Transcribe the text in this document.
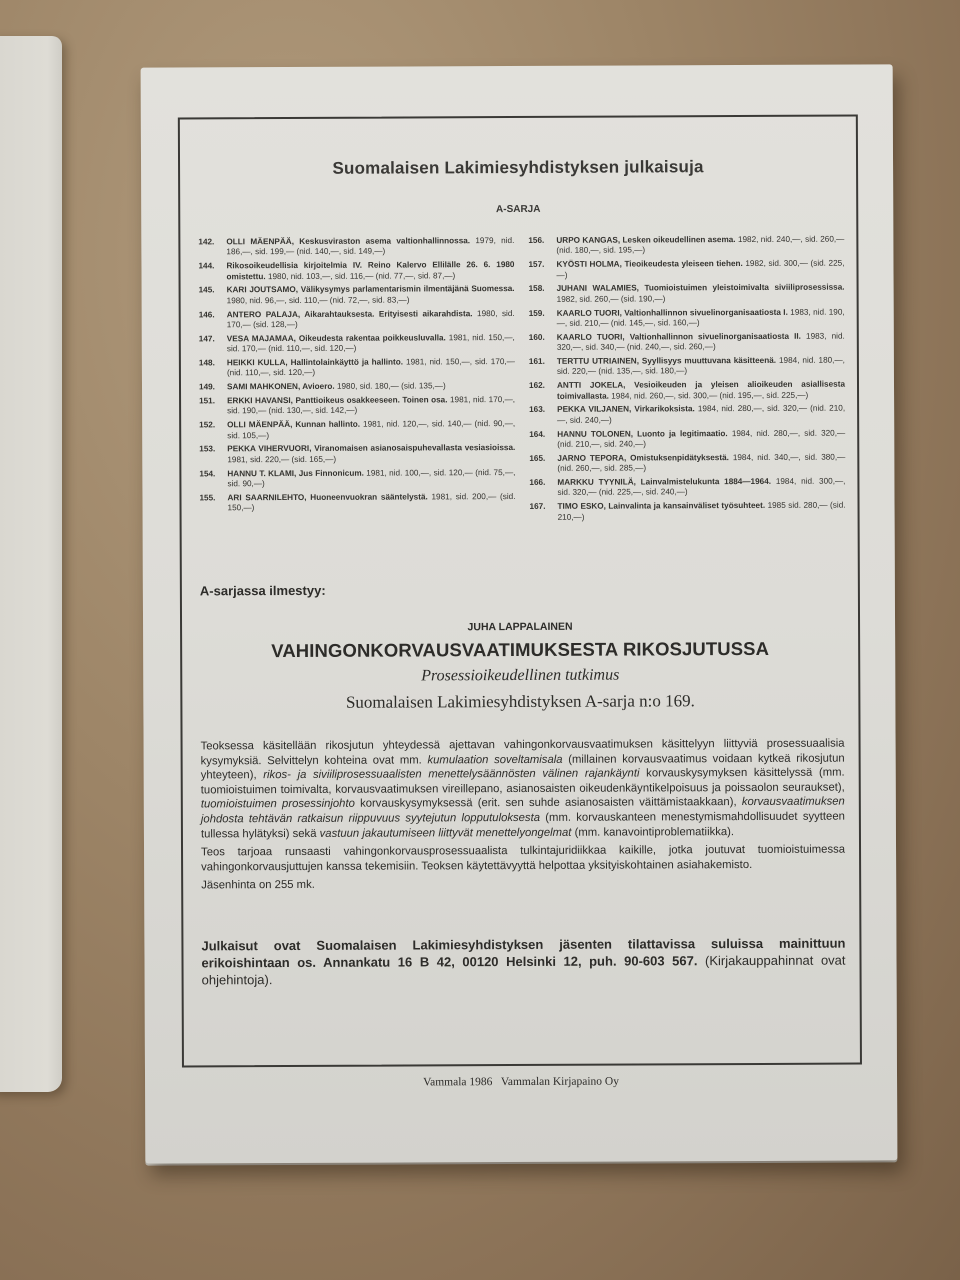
Suomalaisen Lakimiesyhdistyksen julkaisuja
A-SARJA
142.	OLLI MÄENPÄÄ, Keskusviraston asema valtionhallinnossa. 1979, nid. 186,—, sid. 199,— (nid. 140,—, sid. 149,—)
144.	Rikosoikeudellisia kirjoitelmia IV. Reino Kalervo Ellilälle 26. 6. 1980 omistettu. 1980, nid. 103,—, sid. 116,— (nid. 77,—, sid. 87,—)
145.	KARI JOUTSAMO, Välikysymys parlamentarismin ilmentäjänä Suomessa. 1980, nid. 96,—, sid. 110,— (nid. 72,—, sid. 83,—)
146.	ANTERO PALAJA, Aikarahtauksesta. Erityisesti aikarahdista. 1980, sid. 170,— (sid. 128,—)
147.	VESA MAJAMAA, Oikeudesta rakentaa poikkeusluvalla. 1981, nid. 150,—, sid. 170,— (nid. 110,—, sid. 120,—)
148.	HEIKKI KULLA, Hallintolainkäyttö ja hallinto. 1981, nid. 150,—, sid. 170,— (nid. 110,—, sid. 120,—)
149.	SAMI MAHKONEN, Avioero. 1980, sid. 180,— (sid. 135,—)
151.	ERKKI HAVANSI, Panttioikeus osakkeeseen. Toinen osa. 1981, nid. 170,—, sid. 190,— (nid. 130,—, sid. 142,—)
152.	OLLI MÄENPÄÄ, Kunnan hallinto. 1981, nid. 120,—, sid. 140,— (nid. 90,—, sid. 105,—)
153.	PEKKA VIHERVUORI, Viranomaisen asianosaispuhevallasta vesiasioissa. 1981, sid. 220,— (sid. 165,—)
154.	HANNU T. KLAMI, Jus Finnonicum. 1981, nid. 100,—, sid. 120,— (nid. 75,—, sid. 90,—)
155.	ARI SAARNILEHTO, Huoneenvuokran sääntelystä. 1981, sid. 200,— (sid. 150,—)
156.	URPO KANGAS, Lesken oikeudellinen asema. 1982, nid. 240,—, sid. 260,— (nid. 180,—, sid. 195,—)
157.	KYÖSTI HOLMA, Tieoikeudesta yleiseen tiehen. 1982, sid. 300,— (sid. 225,—)
158.	JUHANI WALAMIES, Tuomioistuimen yleistoimivalta siviiliprosessissa. 1982, sid. 260,— (sid. 190,—)
159.	KAARLO TUORI, Valtionhallinnon sivuelinorganisaatiosta I. 1983, nid. 190,—, sid. 210,— (nid. 145,—, sid. 160,—)
160.	KAARLO TUORI, Valtionhallinnon sivuelinorganisaatiosta II. 1983, nid. 320,—, sid. 340,— (nid. 240,—, sid. 260,—)
161.	TERTTU UTRIAINEN, Syyllisyys muuttuvana käsitteenä. 1984, nid. 180,—, sid. 220,— (nid. 135,—, sid. 180,—)
162.	ANTTI JOKELA, Vesioikeuden ja yleisen alioikeuden asiallisesta toimivallasta. 1984, nid. 260,—, sid. 300,— (nid. 195,—, sid. 225,—)
163.	PEKKA VILJANEN, Virkarikoksista. 1984, nid. 280,—, sid. 320,— (nid. 210,—, sid. 240,—)
164.	HANNU TOLONEN, Luonto ja legitimaatio. 1984, nid. 280,—, sid. 320,— (nid. 210,—, sid. 240,—)
165.	JARNO TEPORA, Omistuksenpidätyksestä. 1984, nid. 340,—, sid. 380,— (nid. 260,—, sid. 285,—)
166.	MARKKU TYYNILÄ, Lainvalmistelukunta 1884—1964. 1984, nid. 300,—, sid. 320,— (nid. 225,—, sid. 240,—)
167.	TIMO ESKO, Lainvalinta ja kansainväliset työsuhteet. 1985 sid. 280,— (sid. 210,—)
A-sarjassa ilmestyy:
JUHA LAPPALAINEN
VAHINGONKORVAUSVAATIMUKSESTA RIKOSJUTUSSA
Prosessioikeudellinen tutkimus
Suomalaisen Lakimiesyhdistyksen A-sarja n:o 169.

Teoksessa käsitellään rikosjutun yhteydessä ajettavan vahingonkorvausvaatimuksen käsittelyyn liittyviä prosessuaalisia kysymyksiä. Selvittelyn kohteina ovat mm. kumulaation soveltamisala (millainen korvausvaatimus voidaan kytkeä rikosjutun yhteyteen), rikos- ja siviiliprosessuaalisten menettelysäännösten välinen rajankäynti korvauskysymyksen käsittelyssä (mm. tuomioistuimen toimivalta, korvausvaatimuksen vireillepano, asianosaisten oikeudenkäyntikelpoisuus ja poissaolon seuraukset), tuomioistuimen prosessinjohto korvauskysymyksessä (erit. sen suhde asianosaisten väittämistaakkaan), korvausvaatimuksen johdosta tehtävän ratkaisun riippuvuus syytejutun lopputuloksesta (mm. korvauskanteen menestymismahdollisuudet syytteen tullessa hylätyksi) sekä vastuun jakautumiseen liittyvät menettelyongelmat (mm. kanavointiproblematiikka).

Teos tarjoaa runsaasti vahingonkorvausprosessuaalista tulkintajuridiikkaa kaikille, jotka joutuvat tuomioistuimessa vahingonkorvausjuttujen kanssa tekemisiin. Teoksen käytettävyyttä helpottaa yksityiskohtainen asiahakemisto.

Jäsenhinta on 255 mk.

Julkaisut ovat Suomalaisen Lakimiesyhdistyksen jäsenten tilattavissa suluissa mainittuun erikoishintaan os. Annankatu 16 B 42, 00120 Helsinki 12, puh. 90-603 567. (Kirjakauppahinnat ovat ohjehintoja).
Vammala 1986   Vammalan Kirjapaino Oy
